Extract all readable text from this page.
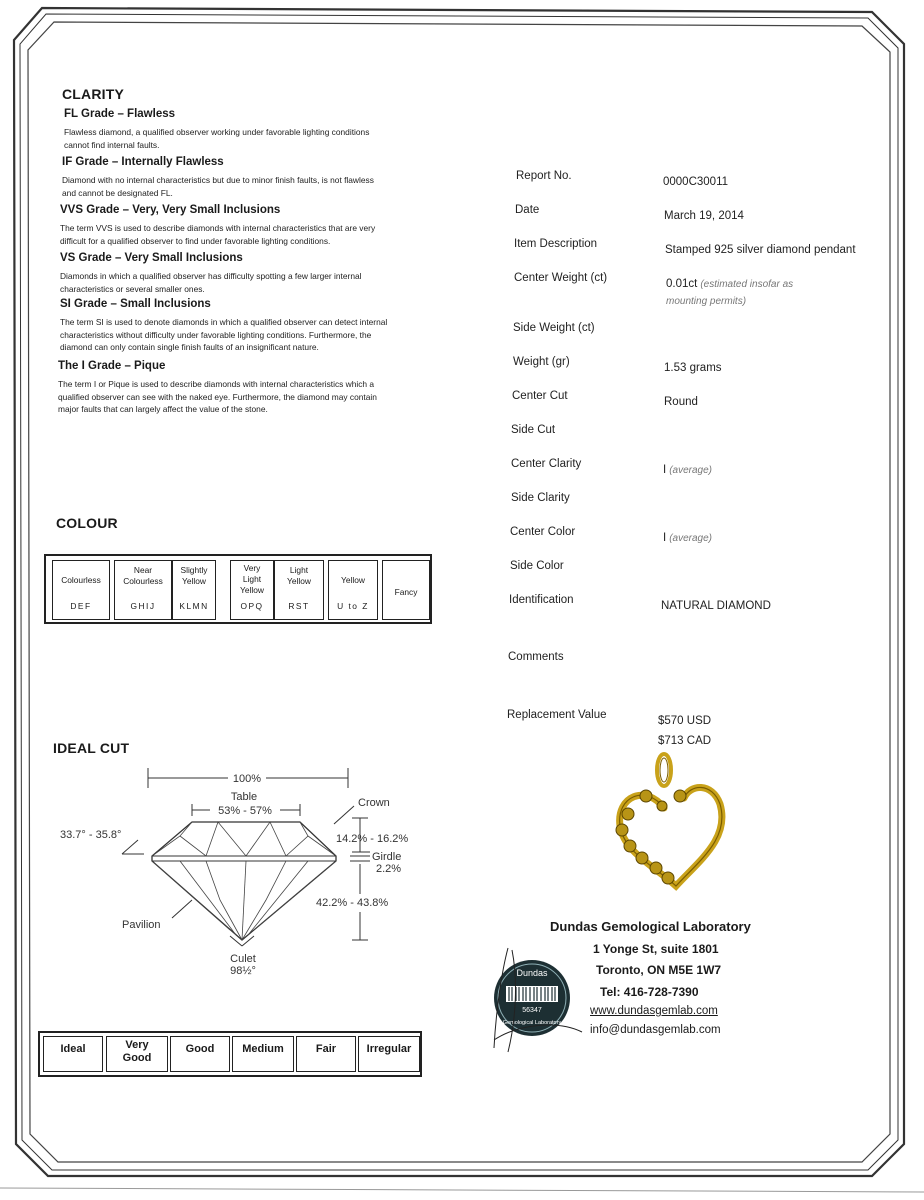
CLARITY
FL Grade – Flawless
Flawless diamond, a qualified observer working under favorable lighting conditions
cannot find internal faults.
IF Grade – Internally Flawless
Diamond with no internal characteristics but due to minor finish faults, is not flawless
and cannot be designated FL.
VVS Grade – Very, Very Small Inclusions
The term VVS is used to describe diamonds with internal characteristics that are very
difficult for a qualified observer to find under favorable lighting conditions.
VS Grade – Very Small Inclusions
Diamonds in which a qualified observer has difficulty spotting a few larger internal
characteristics or several smaller ones.
SI Grade – Small Inclusions
The term SI is used to denote diamonds in which a qualified observer can detect internal
characteristics without difficulty under favorable lighting conditions. Furthermore, the
diamond can only contain single finish faults of an insignificant nature.
The I Grade – Pique
The term I or Pique is used to describe diamonds with internal characteristics which a
qualified observer can see with the naked eye. Furthermore, the diamond may contain
major faults that can largely affect the value of the stone.
COLOUR
Colourless
DEF
Near
Colourless
GHIJ
Slightly
Yellow
KLMN
Very
Light
Yellow
OPQ
Light
Yellow
RST
Yellow
U to Z
Fancy
IDEAL CUT
100%
Table
53% - 57%
Crown
33.7° - 35.8°	14.2% - 16.2%
Girdle
2.2%
42.2% - 43.8%
Pavilion
Culet
98½°
Ideal	Very
Good
Good	Medium	Fair	Irregular
Report No.	0000C30011
Date	March 19, 2014
Item Description	Stamped 925 silver diamond pendant
Center Weight (ct)	0.01ct (estimated insofar as
mounting permits)
Side Weight (ct)
Weight (gr)	1.53 grams
Center Cut	Round
Side Cut
Center Clarity	I (average)
Side Clarity
Center Color	I (average)
Side Color
Identification	NATURAL DIAMOND
Comments
Replacement Value	$570 USD
$713 CAD
Dundas
56347
Gemological Laboratory
Dundas Gemological Laboratory
1 Yonge St, suite 1801
Toronto, ON M5E 1W7
Tel: 416-728-7390
www.dundasgemlab.com
info@dundasgemlab.com
